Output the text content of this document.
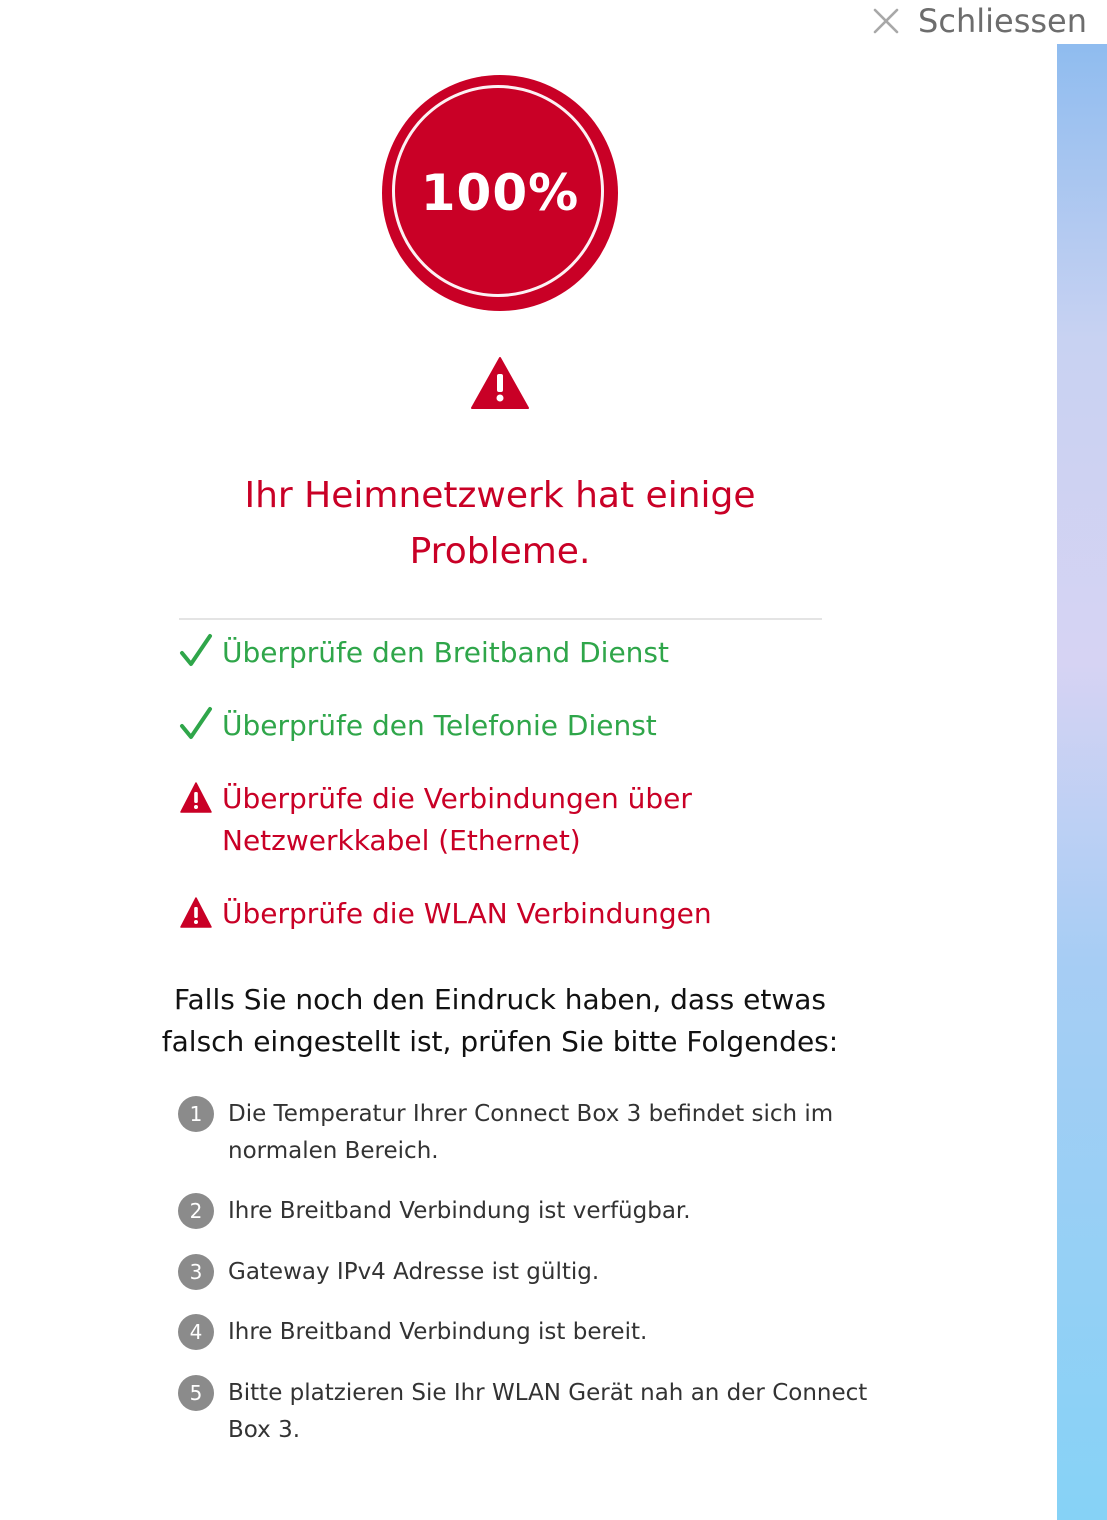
Schliessen
100%
Ihr Heimnetzwerk hat einige
Probleme.
Überprüfe den Breitband Dienst
Überprüfe den Telefonie Dienst
Überprüfe die Verbindungen über
Netzwerkkabel (Ethernet)
Überprüfe die WLAN Verbindungen
Falls Sie noch den Eindruck haben, dass etwas
falsch eingestellt ist, prüfen Sie bitte Folgendes:
1	Die Temperatur Ihrer Connect Box 3 befindet sich im
normalen Bereich.
2	Ihre Breitband Verbindung ist verfügbar.
3	Gateway IPv4 Adresse ist gültig.
4	Ihre Breitband Verbindung ist bereit.
5	Bitte platzieren Sie Ihr WLAN Gerät nah an der Connect
Box 3.
